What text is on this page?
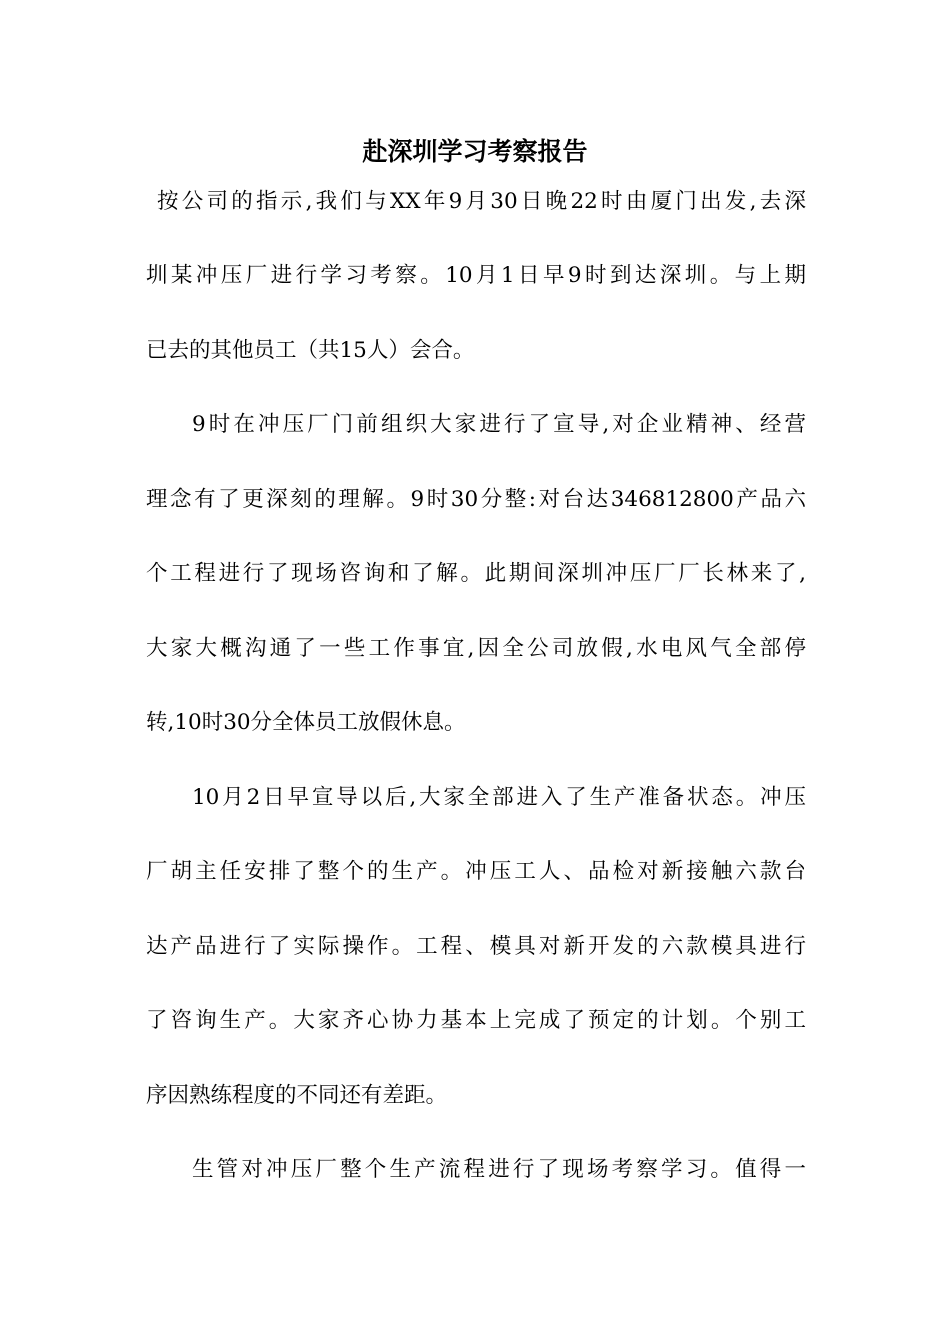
赴深圳学习考察报告
按公司的指示,我们与XX年9月30日晚22时由厦门出发,去深
圳某冲压厂进行学习考察。10月1日早9时到达深圳。与上期
已去的其他员工（共15人）会合。
9时在冲压厂门前组织大家进行了宣导,对企业精神、经营
理念有了更深刻的理解。9时30分整:对台达346812800产品六
个工程进行了现场咨询和了解。此期间深圳冲压厂厂长林来了,
大家大概沟通了一些工作事宜,因全公司放假,水电风气全部停
转,10时30分全体员工放假休息。
10月2日早宣导以后,大家全部进入了生产准备状态。冲压
厂胡主任安排了整个的生产。冲压工人、品检对新接触六款台
达产品进行了实际操作。工程、模具对新开发的六款模具进行
了咨询生产。大家齐心协力基本上完成了预定的计划。个别工
序因熟练程度的不同还有差距。
生管对冲压厂整个生产流程进行了现场考察学习。值得一
